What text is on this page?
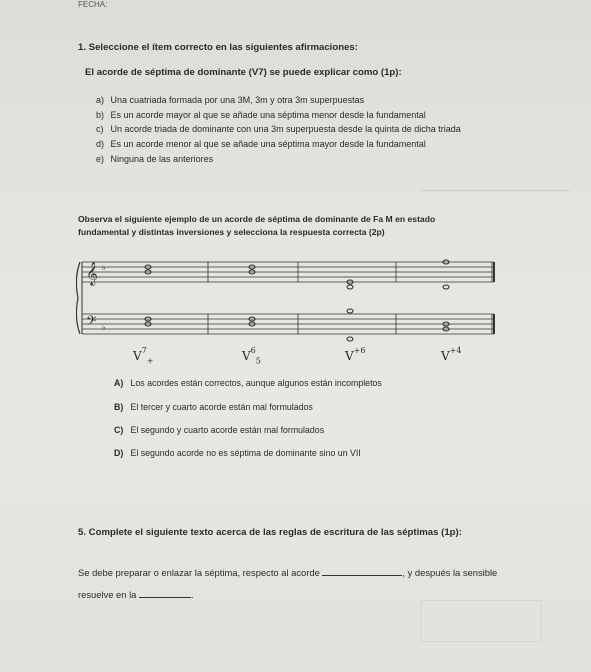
FECHA:
1. Seleccione el ítem correcto en las siguientes afirmaciones:
El acorde de séptima de dominante (V7) se puede explicar como (1p):
a) Una cuatriada formada por una 3M, 3m y otra 3m superpuestas
b) Es un acorde mayor al que se añade una séptima menor desde la fundamental
c) Un acorde triada de dominante con una 3m superpuesta desde la quinta de dicha triada
d) Es un acorde menor al que se añade una séptima mayor desde la fundamental
e) Ninguna de las anteriores
Observa el siguiente ejemplo de un acorde de séptima de dominante de Fa M en estado
fundamental y distintas inversiones y selecciona la respuesta correcta (2p)
𝄞
𝄢
♭
♭
$V^7_+$	$V^6_5$	$V^{+6}$	$V^{+4}$
A) Los acordes están correctos, aunque algunos están incompletos
B) El tercer y cuarto acorde están mal formulados
C) El segundo y cuarto acorde están mal formulados
D) El segundo acorde no es séptima de dominante sino un VII
5. Complete el siguiente texto acerca de las reglas de escritura de las séptimas (1p):
Se debe preparar o enlazar la séptima, respecto al acorde	, y después la sensible
resuelve en la	.
